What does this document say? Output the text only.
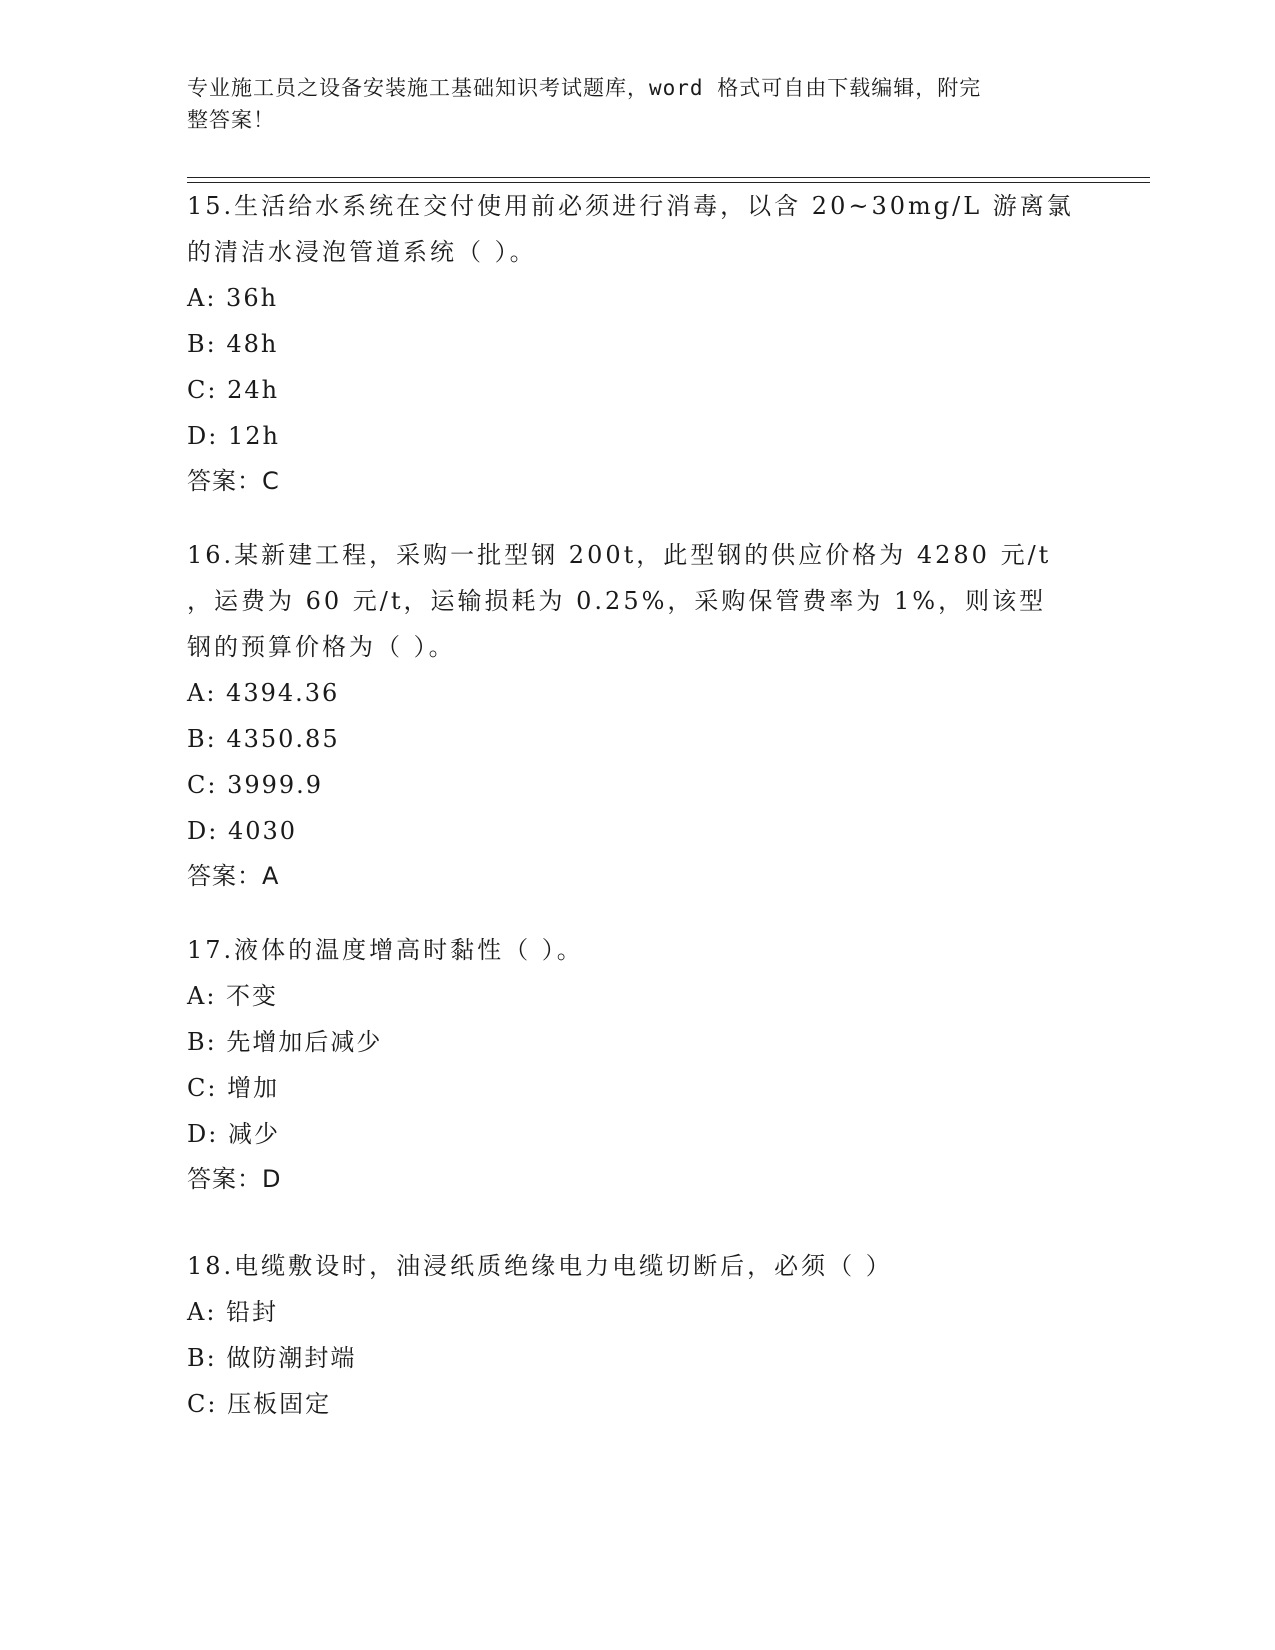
专业施工员之设备安装施工基础知识考试题库，word 格式可自由下载编辑，附完
整答案！

15.生活给水系统在交付使用前必须进行消毒，以含 20~30mg/L 游离氯
的清洁水浸泡管道系统（ ）。

A: 36h

B: 48h

C: 24h

D: 12h

答案：C

16.某新建工程，采购一批型钢 200t，此型钢的供应价格为 4280 元/t
，运费为 60 元/t，运输损耗为 0.25%，采购保管费率为 1%，则该型
钢的预算价格为（ ）。

A: 4394.36

B: 4350.85

C: 3999.9

D: 4030

答案：A

17.液体的温度增高时黏性（ ）。

A: 不变

B: 先增加后减少

C: 增加

D: 减少

答案：D

18.电缆敷设时，油浸纸质绝缘电力电缆切断后，必须（ ）

A: 铅封

B: 做防潮封端

C: 压板固定
